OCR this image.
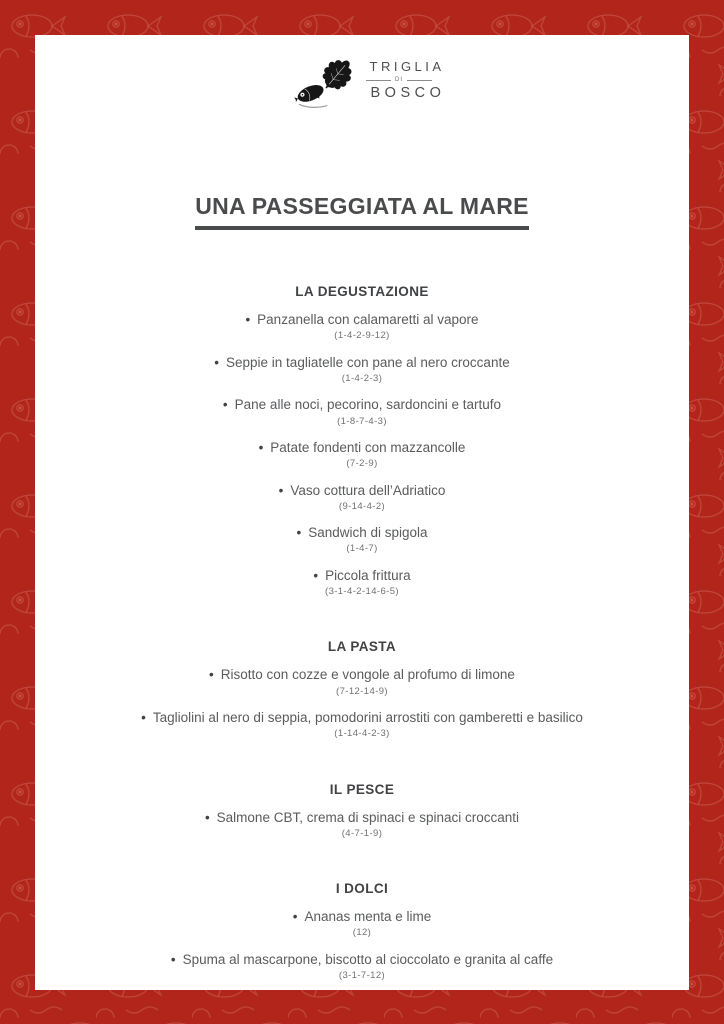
TRIGLIA
DI
BOSCO
UNA PASSEGGIATA AL MARE
LA DEGUSTAZIONE
• Panzanella con calamaretti al vapore
(1-4-2-9-12)
• Seppie in tagliatelle con pane al nero croccante
(1-4-2-3)
• Pane alle noci, pecorino, sardoncini e tartufo
(1-8-7-4-3)
• Patate fondenti con mazzancolle
(7-2-9)
• Vaso cottura dell’Adriatico
(9-14-4-2)
• Sandwich di spigola
(1-4-7)
• Piccola frittura
(3-1-4-2-14-6-5)
LA PASTA
• Risotto con cozze e vongole al profumo di limone
(7-12-14-9)
• Tagliolini al nero di seppia, pomodorini arrostiti con gamberetti e basilico
(1-14-4-2-3)
IL PESCE
• Salmone CBT, crema di spinaci e spinaci croccanti
(4-7-1-9)
I DOLCI
• Ananas menta e lime
(12)
• Spuma al mascarpone, biscotto al cioccolato e granita al caffe
(3-1-7-12)
